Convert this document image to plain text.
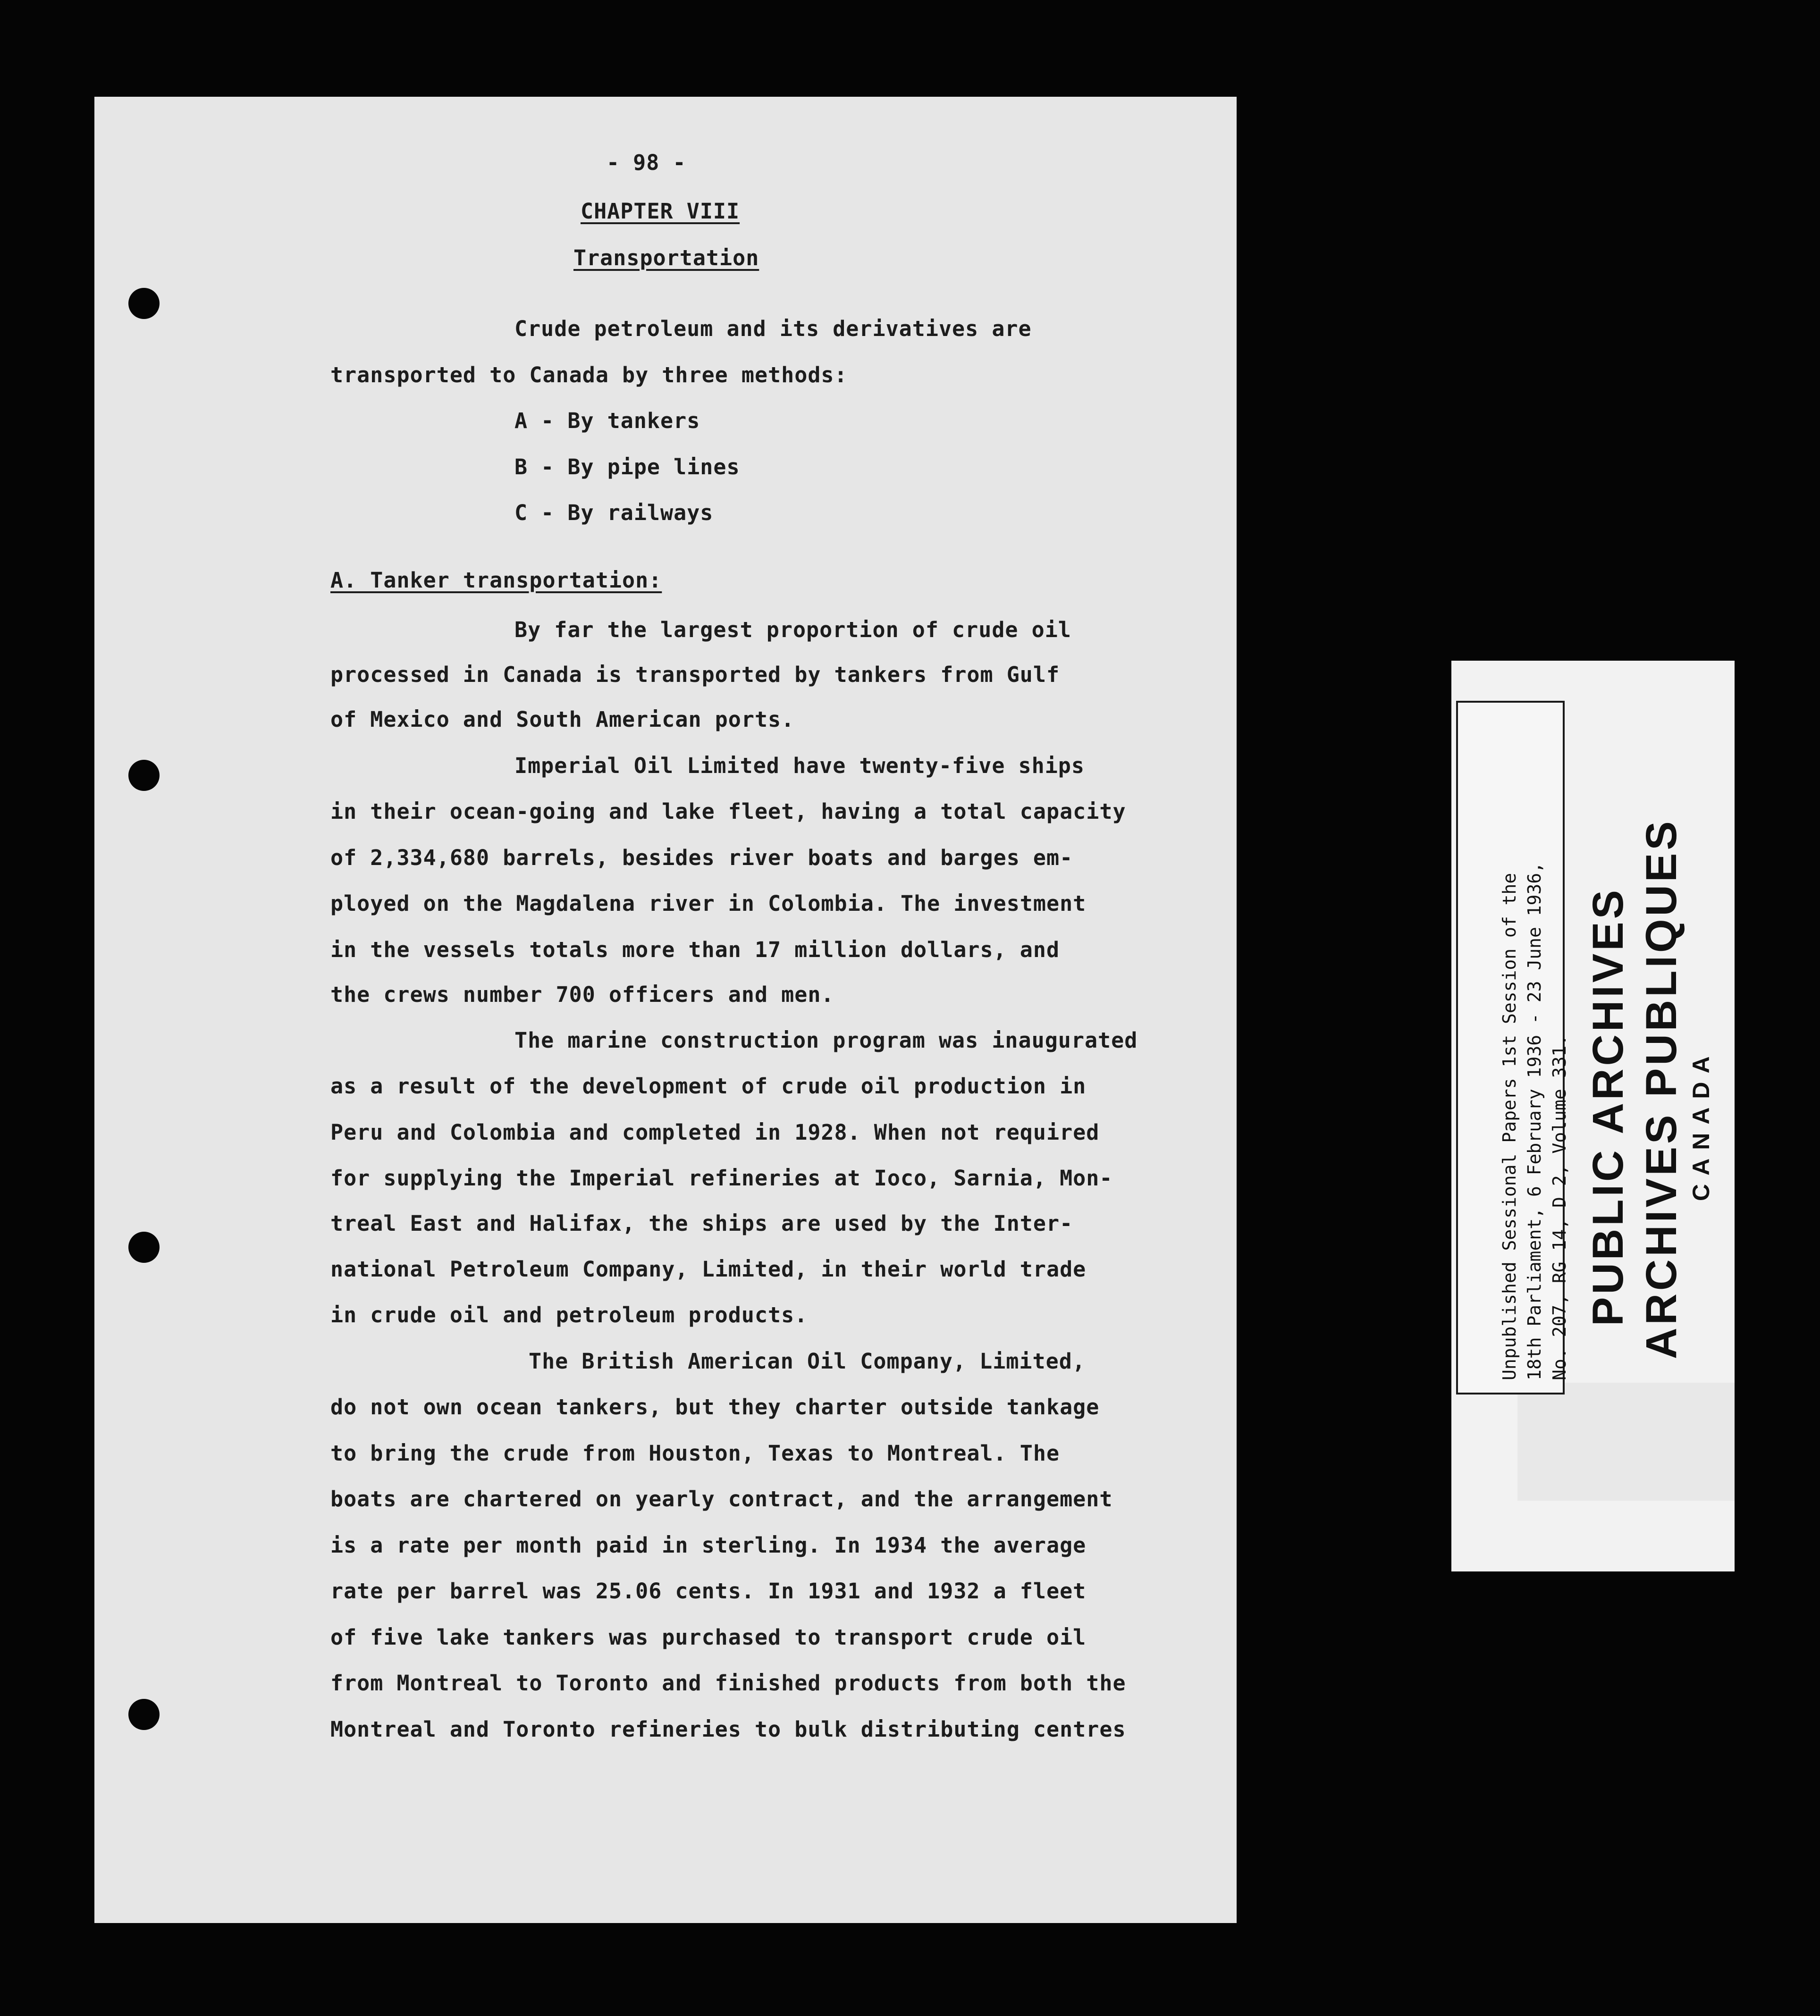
- 98 -
CHAPTER VIII
Transportation
Crude petroleum and its derivatives are
transported to Canada by three methods:
A - By tankers
B - By pipe lines
C - By railways
A. Tanker transportation:
By far the largest proportion of crude oil
processed in Canada is transported by tankers from Gulf
of Mexico and South American ports.
Imperial Oil Limited have twenty-five ships
in their ocean-going and lake fleet, having a total capacity
of 2,334,680 barrels, besides river boats and barges em-
ployed on the Magdalena river in Colombia. The investment
in the vessels totals more than 17 million dollars, and
the crews number 700 officers and men.
The marine construction program was inaugurated
as a result of the development of crude oil production in
Peru and Colombia and completed in 1928. When not required
for supplying the Imperial refineries at Ioco, Sarnia, Mon-
treal East and Halifax, the ships are used by the Inter-
national Petroleum Company, Limited, in their world trade
in crude oil and petroleum products.
The British American Oil Company, Limited,
do not own ocean tankers, but they charter outside tankage
to bring the crude from Houston, Texas to Montreal. The
boats are chartered on yearly contract, and the arrangement
is a rate per month paid in sterling. In 1934 the average
rate per barrel was 25.06 cents. In 1931 and 1932 a fleet
of five lake tankers was purchased to transport crude oil
from Montreal to Toronto and finished products from both the
Montreal and Toronto refineries to bulk distributing centres
Unpublished Sessional Papers 1st Session of the 18th Parliament, 6 February 1936 - 23 June 1936, No. 207, RG 14, D 2, Volume 331. PUBLIC ARCHIVES ARCHIVES PUBLIQUES CANADA
